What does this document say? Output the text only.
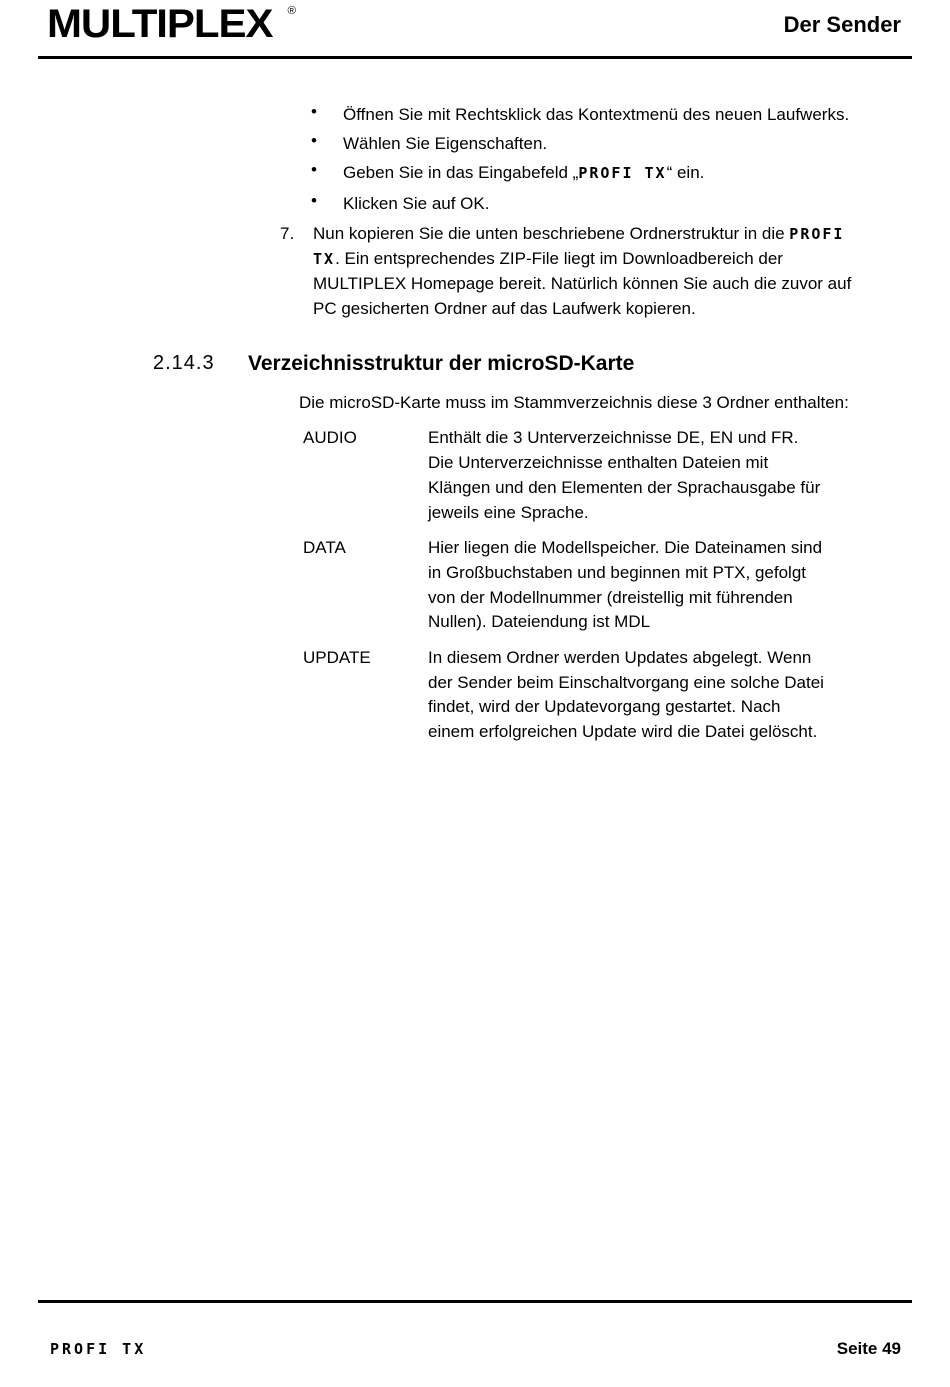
MULTIPLEX ®
Der Sender
• Öffnen Sie mit Rechtsklick das Kontextmenü des neuen Laufwerks.
• Wählen Sie Eigenschaften.
• Geben Sie in das Eingabefeld „PROFI TX“ ein.
• Klicken Sie auf OK.
7. Nun kopieren Sie die unten beschriebene Ordnerstruktur in die PROFI
TX. Ein entsprechendes ZIP-File liegt im Downloadbereich der
MULTIPLEX Homepage bereit. Natürlich können Sie auch die zuvor auf
PC gesicherten Ordner auf das Laufwerk kopieren.
2.14.3 Verzeichnisstruktur der microSD-Karte
Die microSD-Karte muss im Stammverzeichnis diese 3 Ordner enthalten:
AUDIO	Enthält die 3 Unterverzeichnisse DE, EN und FR.
Die Unterverzeichnisse enthalten Dateien mit
Klängen und den Elementen der Sprachausgabe für
jeweils eine Sprache.
DATA	Hier liegen die Modellspeicher. Die Dateinamen sind
in Großbuchstaben und beginnen mit PTX, gefolgt
von der Modellnummer (dreistellig mit führenden
Nullen). Dateiendung ist MDL
UPDATE	In diesem Ordner werden Updates abgelegt. Wenn
der Sender beim Einschaltvorgang eine solche Datei
findet, wird der Updatevorgang gestartet. Nach
einem erfolgreichen Update wird die Datei gelöscht.
PROFI TX	Seite 49
